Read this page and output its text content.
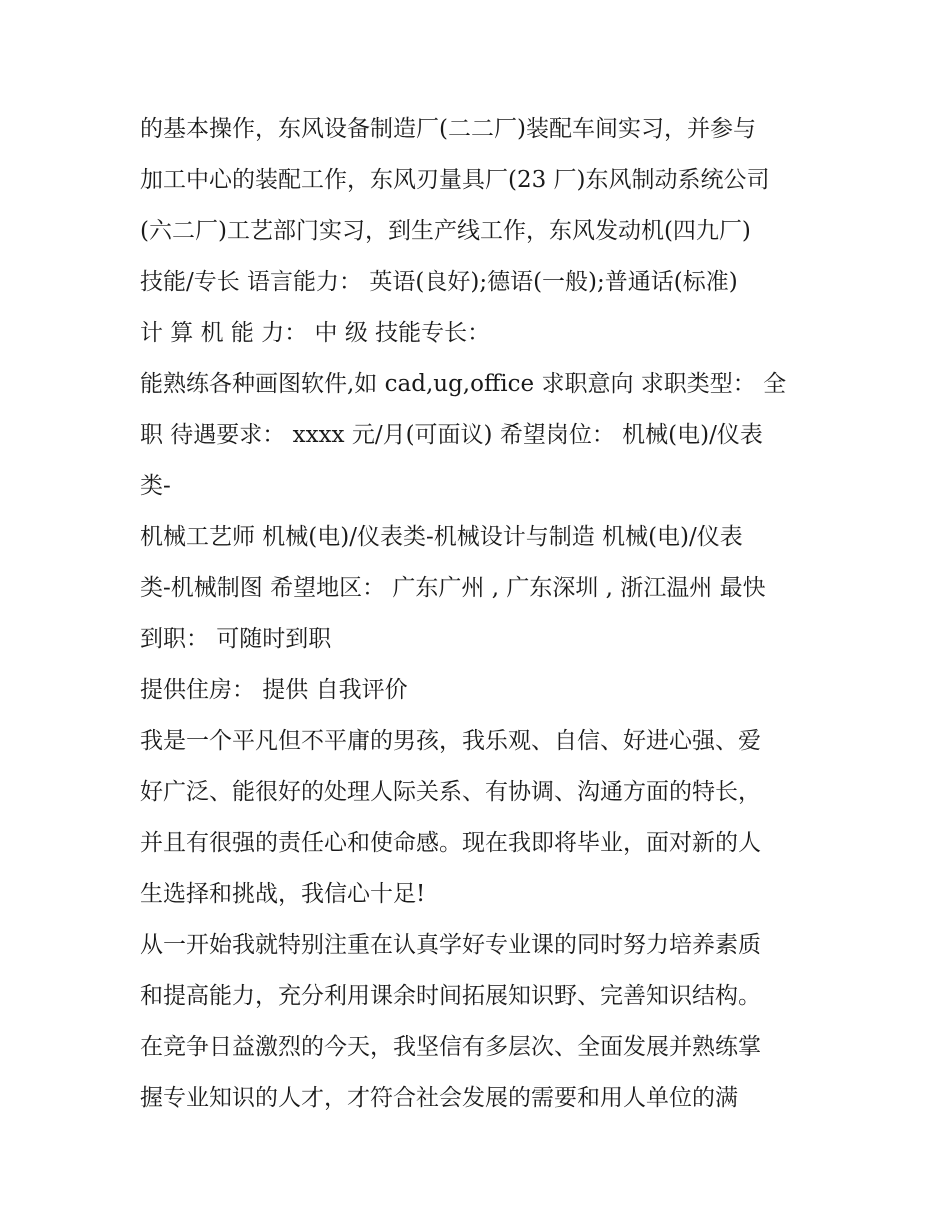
的基本操作，东风设备制造厂(二二厂)装配车间实习，并参与
加工中心的装配工作，东风刃量具厂(23 厂)东风制动系统公司
(六二厂)工艺部门实习，到生产线工作，东风发动机(四九厂)
技能/专长 语言能力： 英语(良好);德语(一般);普通话(标准)
计 算 机 能 力： 中 级 技能专长：
能熟练各种画图软件,如 cad,ug,office 求职意向 求职类型： 全
职 待遇要求： xxxx 元/月(可面议) 希望岗位： 机械(电)/仪表
类-
机械工艺师 机械(电)/仪表类-机械设计与制造 机械(电)/仪表
类-机械制图 希望地区： 广东广州 , 广东深圳 , 浙江温州 最快
到职： 可随时到职
提供住房： 提供 自我评价
我是一个平凡但不平庸的男孩，我乐观、自信、好进心强、爱
好广泛、能很好的处理人际关系、有协调、沟通方面的特长，
并且有很强的责任心和使命感。现在我即将毕业，面对新的人
生选择和挑战，我信心十足!
从一开始我就特别注重在认真学好专业课的同时努力培养素质
和提高能力，充分利用课余时间拓展知识野、完善知识结构。
在竞争日益激烈的今天，我坚信有多层次、全面发展并熟练掌
握专业知识的人才，才符合社会发展的需要和用人单位的满
